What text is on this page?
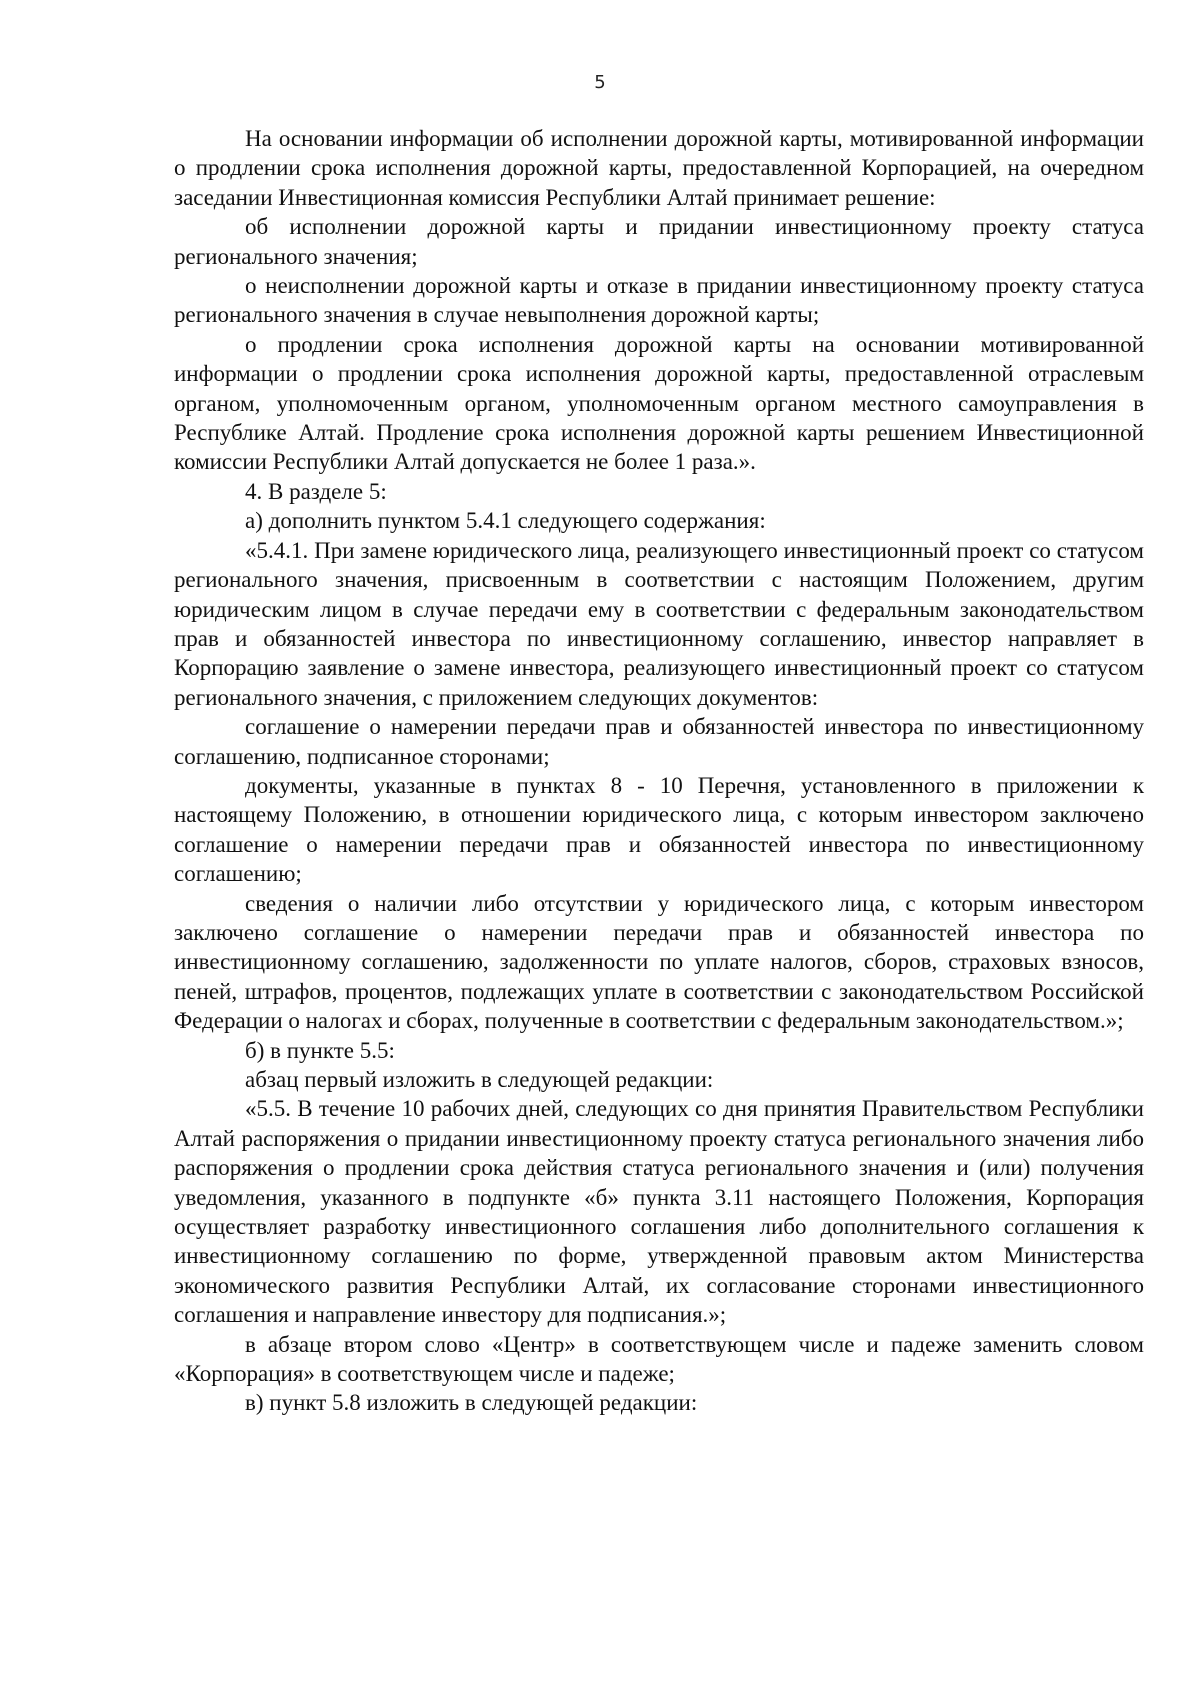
5

На основании информации об исполнении дорожной карты, мотивированной информации о продлении срока исполнения дорожной карты, предоставленной Корпорацией, на очередном заседании Инвестиционная комиссия Республики Алтай принимает решение:

об исполнении дорожной карты и придании инвестиционному проекту статуса регионального значения;

о неисполнении дорожной карты и отказе в придании инвестиционному проекту статуса регионального значения в случае невыполнения дорожной карты;

о продлении срока исполнения дорожной карты на основании мотивированной информации о продлении срока исполнения дорожной карты, предоставленной отраслевым органом, уполномоченным органом, уполномоченным органом местного самоуправления в Республике Алтай. Продление срока исполнения дорожной карты решением Инвестиционной комиссии Республики Алтай допускается не более 1 раза.».

4. В разделе 5:

а) дополнить пунктом 5.4.1 следующего содержания:

«5.4.1. При замене юридического лица, реализующего инвестиционный проект со статусом регионального значения, присвоенным в соответствии с настоящим Положением, другим юридическим лицом в случае передачи ему в соответствии с федеральным законодательством прав и обязанностей инвестора по инвестиционному соглашению, инвестор направляет в Корпорацию заявление о замене инвестора, реализующего инвестиционный проект со статусом регионального значения, с приложением следующих документов:

соглашение о намерении передачи прав и обязанностей инвестора по инвестиционному соглашению, подписанное сторонами;

документы, указанные в пунктах 8 - 10 Перечня, установленного в приложении к настоящему Положению, в отношении юридического лица, с которым инвестором заключено соглашение о намерении передачи прав и обязанностей инвестора по инвестиционному соглашению;

сведения о наличии либо отсутствии у юридического лица, с которым инвестором заключено соглашение о намерении передачи прав и обязанностей инвестора по инвестиционному соглашению, задолженности по уплате налогов, сборов, страховых взносов, пеней, штрафов, процентов, подлежащих уплате в соответствии с законодательством Российской Федерации о налогах и сборах, полученные в соответствии с федеральным законодательством.»;

б) в пункте 5.5:

абзац первый изложить в следующей редакции:

«5.5. В течение 10 рабочих дней, следующих со дня принятия Правительством Республики Алтай распоряжения о придании инвестиционному проекту статуса регионального значения либо распоряжения о продлении срока действия статуса регионального значения и (или) получения уведомления, указанного в подпункте «б» пункта 3.11 настоящего Положения, Корпорация осуществляет разработку инвестиционного соглашения либо дополнительного соглашения к инвестиционному соглашению по форме, утвержденной правовым актом Министерства экономического развития Республики Алтай, их согласование сторонами инвестиционного соглашения и направление инвестору для подписания.»;

в абзаце втором слово «Центр» в соответствующем числе и падеже заменить словом «Корпорация» в соответствующем числе и падеже;

в) пункт 5.8 изложить в следующей редакции:
